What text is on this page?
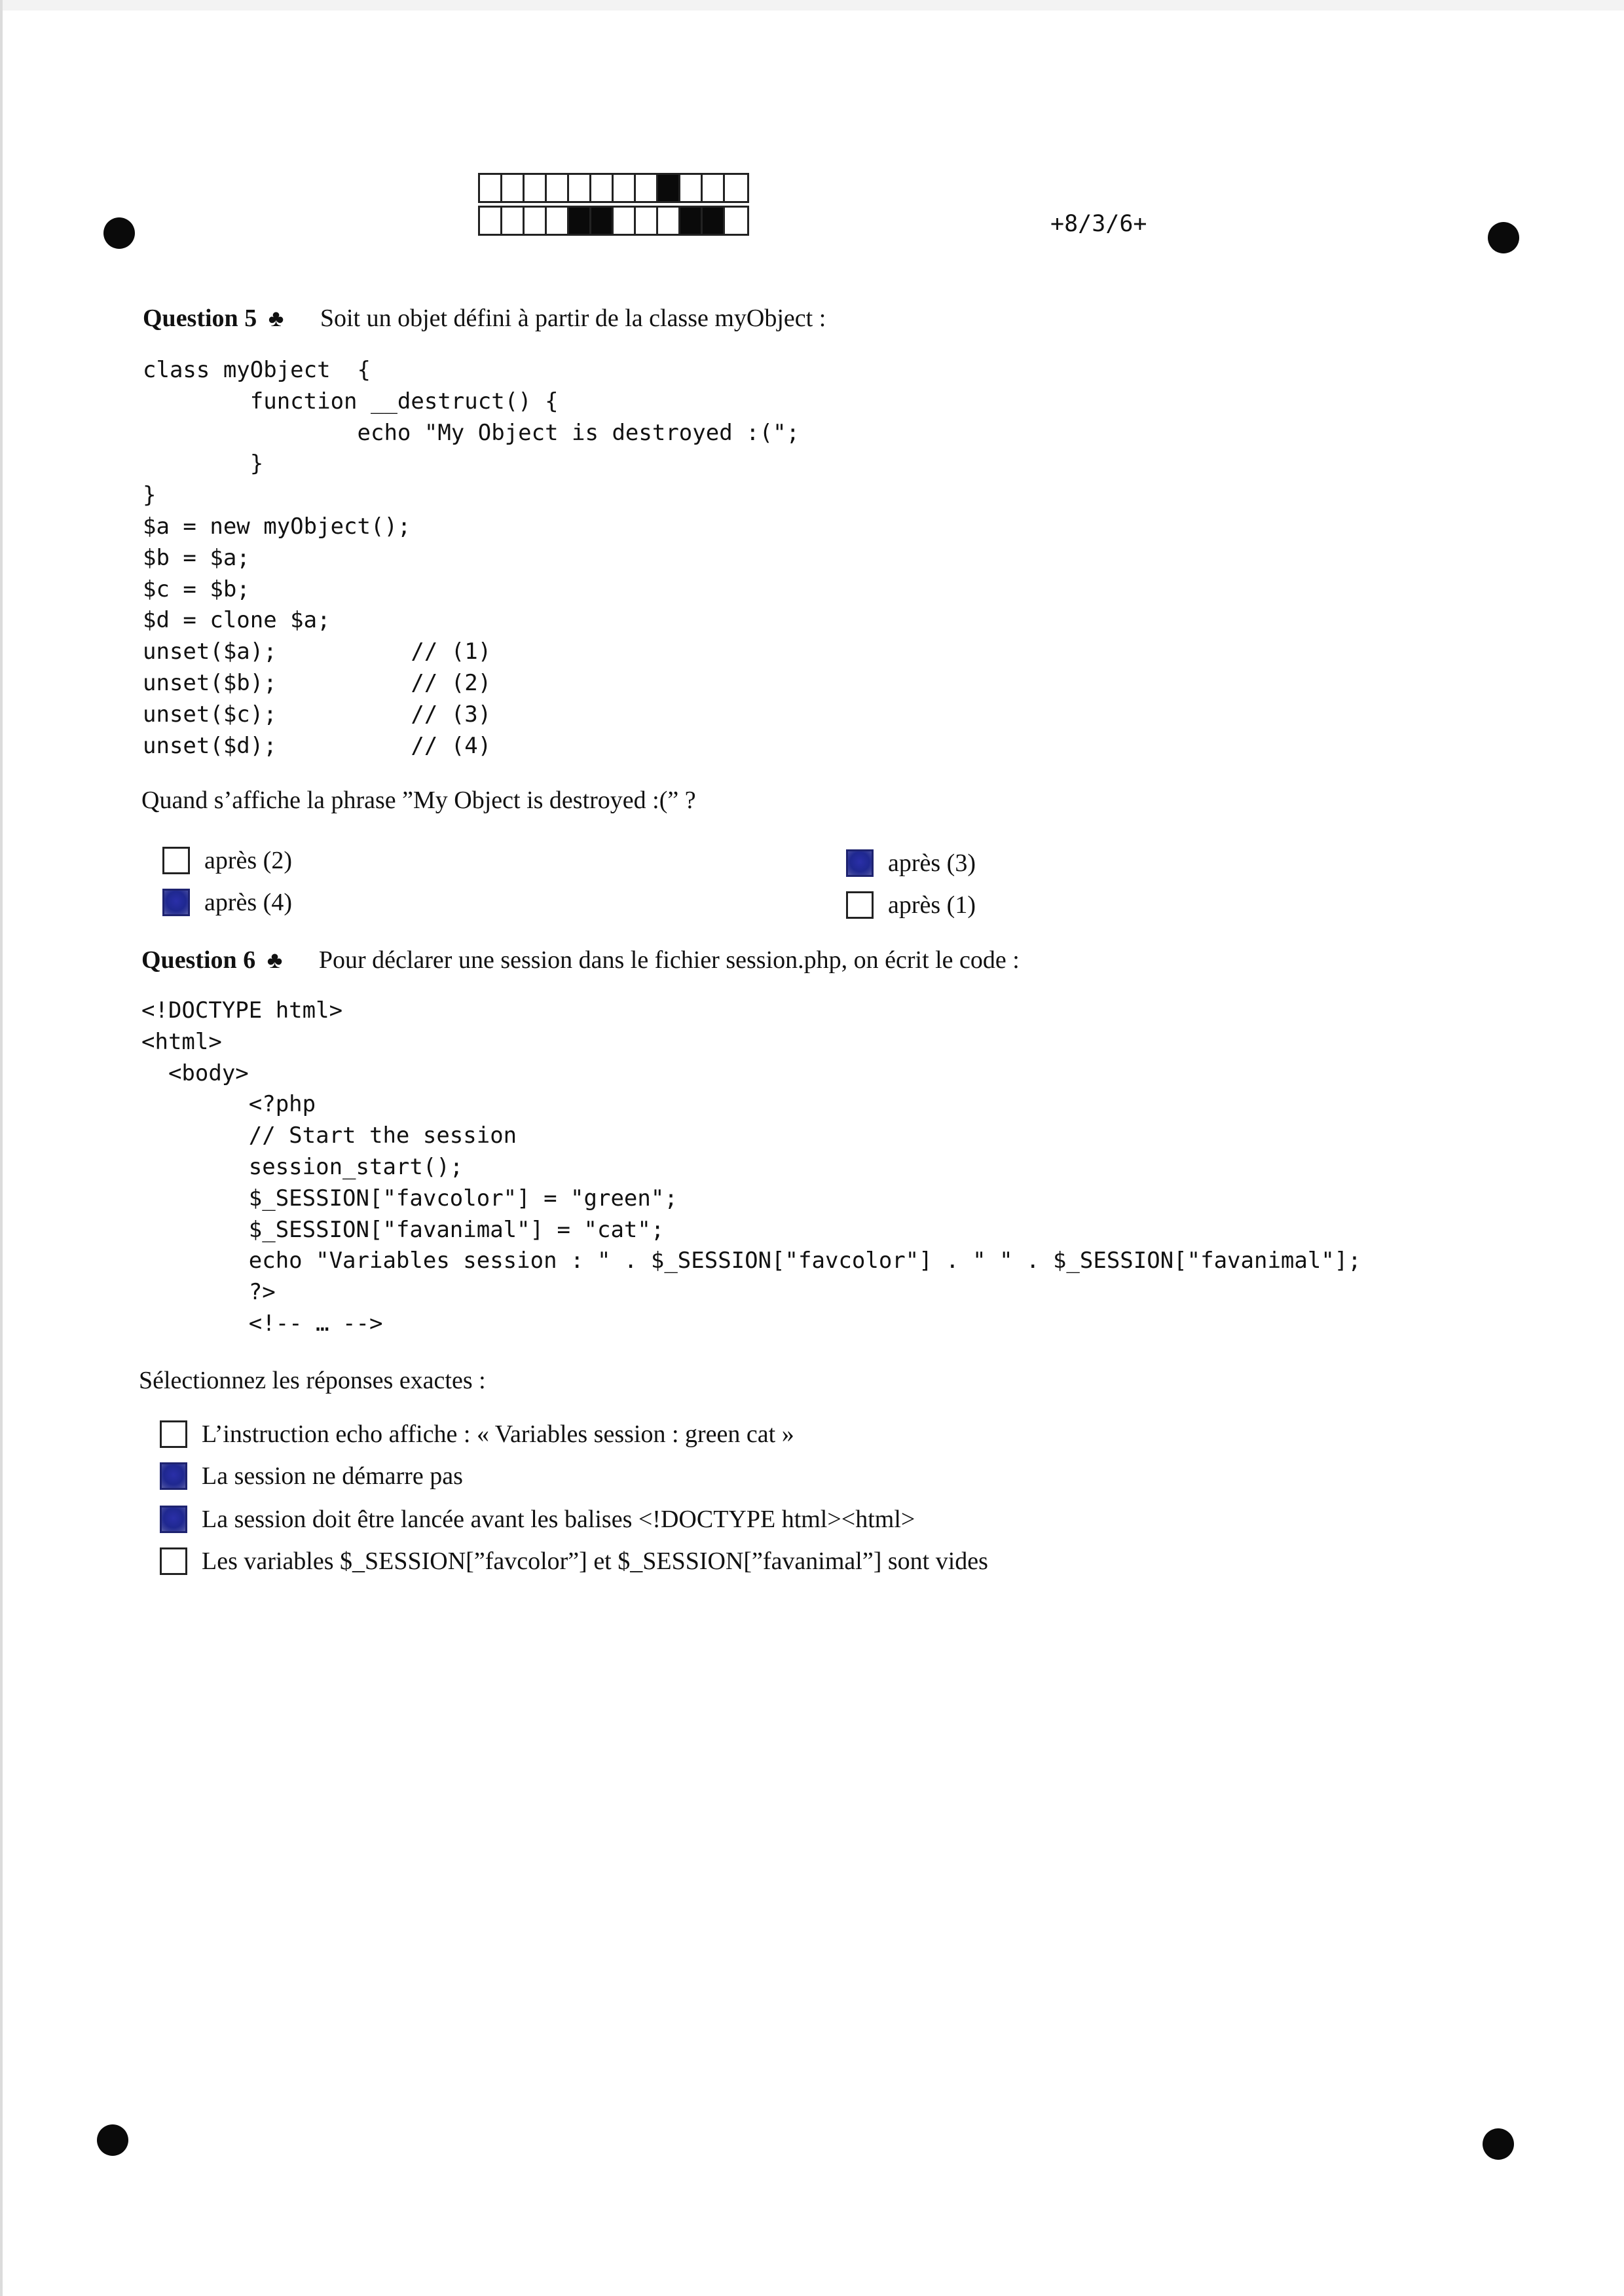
+8/3/6+
Question 5 ♣ Soit un objet défini à partir de la classe myObject :
class myObject  {
function __destruct() {
echo "My Object is destroyed :(";
}
}
$a = new myObject();
$b = $a;
$c = $b;
$d = clone $a;
unset($a);          // (1)
unset($b);          // (2)
unset($c);          // (3)
unset($d);          // (4)
Quand s’affiche la phrase ”My Object is destroyed :(” ?
après (2)	après (3)
après (4)	après (1)
Question 6 ♣ Pour déclarer une session dans le fichier session.php, on écrit le code :
<!DOCTYPE html>
<html>
<body>
<?php
// Start the session
session_start();
$_SESSION["favcolor"] = "green";
$_SESSION["favanimal"] = "cat";
echo "Variables session : " . $_SESSION["favcolor"] . " " . $_SESSION["favanimal"];
?>
<!-- … -->
Sélectionnez les réponses exactes :
L’instruction echo affiche : « Variables session : green cat »
La session ne démarre pas
La session doit être lancée avant les balises <!DOCTYPE html><html>
Les variables $_SESSION[”favcolor”] et $_SESSION[”favanimal”] sont vides
